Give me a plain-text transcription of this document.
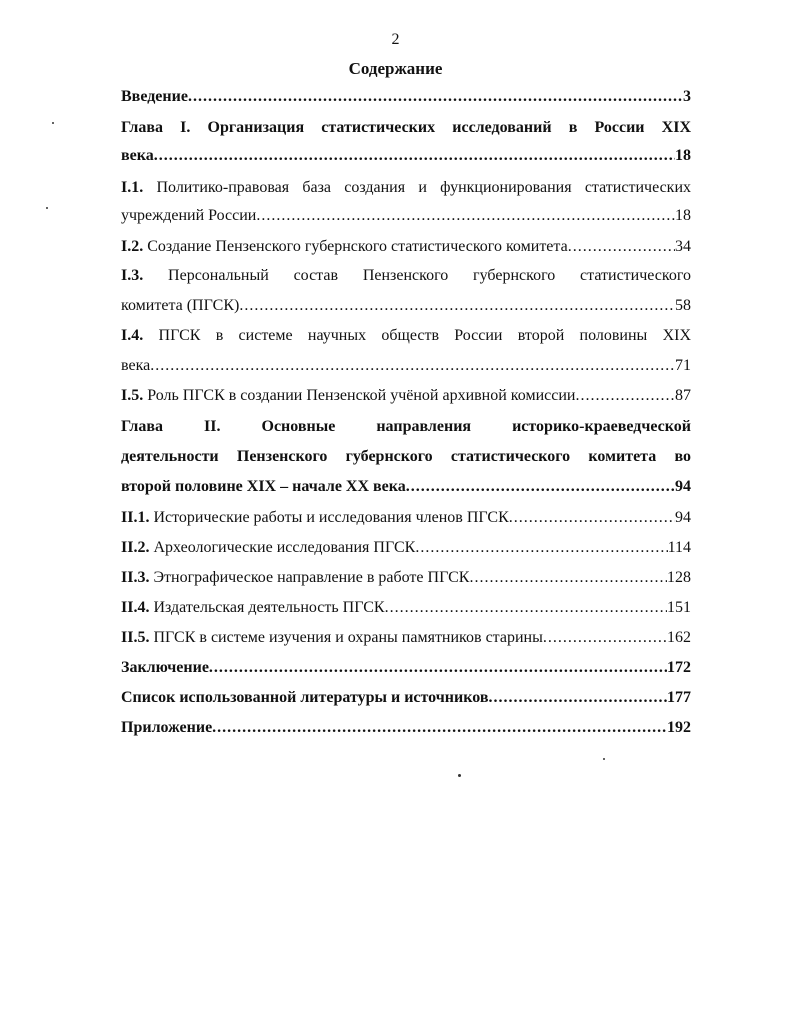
2
Содержание
Введение .....	3
Глава I. Организация статистических исследований в России XIX
века .....	18
I.1. Политико-правовая база создания и функционирования статистических
учреждений России .....	18
I.2. Создание Пензенского губернского статистического комитета .....	34
I.3. Персональный состав Пензенского губернского статистического
комитета (ПГСК) .....	58
I.4. ПГСК в системе научных обществ России второй половины XIX
века .....	71
I.5. Роль ПГСК в создании Пензенской учёной архивной комиссии .....	87
Глава II. Основные направления историко-краеведческой
деятельности Пензенского губернского статистического комитета во
второй половине XIX – начале XX века .....	94
II.1. Исторические работы и исследования членов ПГСК .....	94
II.2. Археологические исследования ПГСК .....	114
II.3. Этнографическое направление в работе ПГСК .....	128
II.4. Издательская деятельность ПГСК .....	151
II.5. ПГСК в системе изучения и охраны памятников старины .....	162
Заключение .....	172
Список использованной литературы и источников .....	177
Приложение .....	192
